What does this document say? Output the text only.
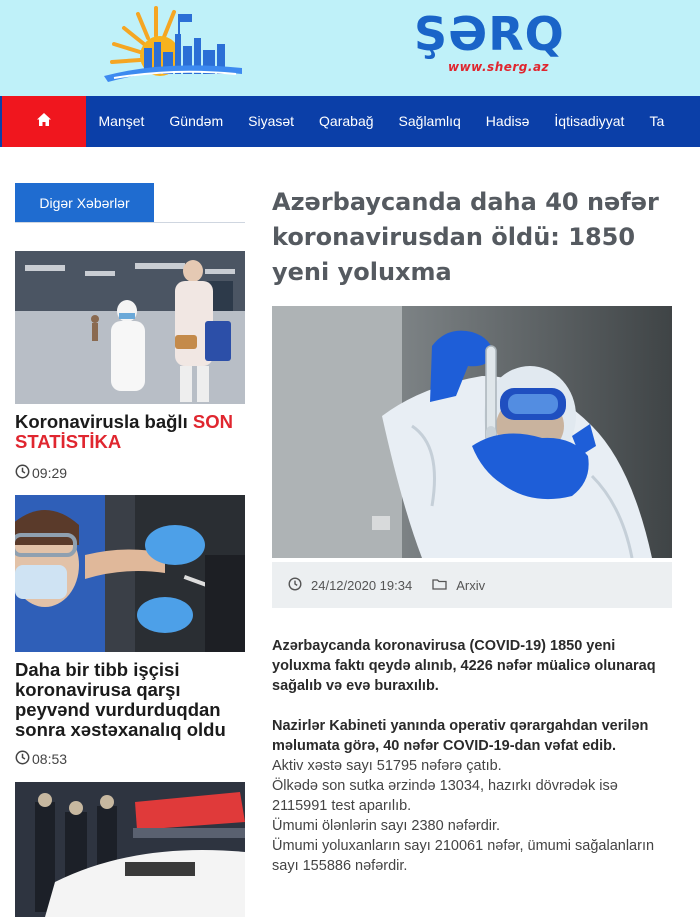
ŞƏRQ
www.sherg.az
Manşet	Gündəm	Siyasət	Qarabağ	Sağlamlıq	Hadisə	İqtisadiyyat	Ta
Digər Xəbərlər
Koronavirusla bağlı SON STATİSTİKA
09:29
Daha bir tibb işçisi koronavirusa qarşı peyvənd vurdurduqdan sonra xəstəxanalıq oldu
08:53
Azərbaycanda daha 40 nəfər koronavirusdan öldü: 1850 yeni yoluxma
24/12/2020 19:34	Arxiv

Azərbaycanda koronavirusa (COVID-19) 1850 yeni yoluxma faktı qeydə alınıb, 4226 nəfər müalicə olunaraq sağalıb və evə buraxılıb.

Nazirlər Kabineti yanında operativ qərargahdan verilən məlumata görə, 40 nəfər COVID-19-dan vəfat edib.

Aktiv xəstə sayı 51795 nəfərə çatıb.

Ölkədə son sutka ərzində 13034, hazırkı dövrədək isə 2115991 test aparılıb.

Ümumi ölənlərin sayı 2380 nəfərdir.

Ümumi yoluxanların sayı 210061 nəfər, ümumi sağalanların sayı 155886 nəfərdir.
